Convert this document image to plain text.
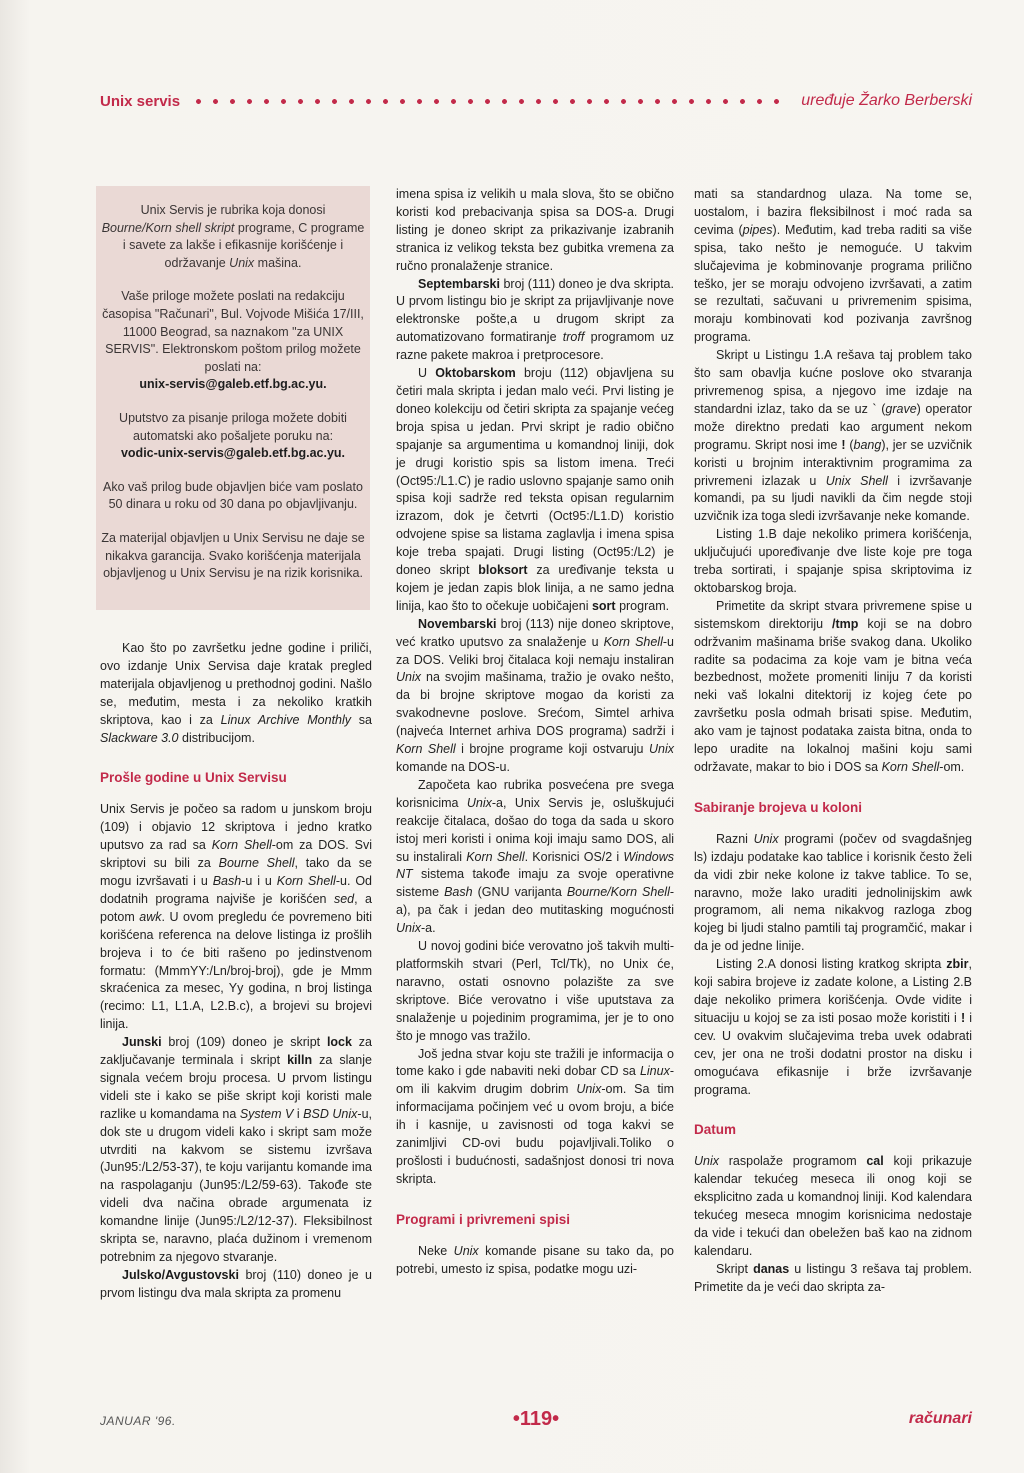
Unix servis	uređuje Žarko Berberski

Unix Servis je rubrika koja donosi

Bourne/Korn shell skript programe, C programe i savete za lakše i efikasnije korišćenje i održavanje Unix mašina.

Vaše priloge možete poslati na redakciju časopisa "Računari", Bul. Vojvode Mišića 17/III, 11000 Beograd, sa naznakom "za UNIX SERVIS". Elektronskom poštom prilog možete poslati na:
unix-servis@galeb.etf.bg.ac.yu.

Uputstvo za pisanje priloga možete dobiti automatski ako pošaljete poruku na:
vodic-unix-servis@galeb.etf.bg.ac.yu.

Ako vaš prilog bude objavljen biće vam poslato 50 dinara u roku od 30 dana po objavljivanju.

Za materijal objavljen u Unix Servisu ne daje se nikakva garancija. Svako korišćenja materijala objavljenog u Unix Servisu je na rizik korisnika.

Kao što po završetku jedne godine i priliči, ovo izdanje Unix Servisa daje kratak pregled materijala objavljenog u prethodnoj godini. Našlo se, međutim, mesta i za nekoliko kratkih skriptova, kao i za Linux Archive Monthly sa Slackware 3.0 distribucijom.

Prošle godine u Unix Servisu

Unix Servis je počeo sa radom u junskom broju (109) i objavio 12 skriptova i jedno kratko uputsvo za rad sa Korn Shell-om za DOS. Svi skriptovi su bili za Bourne Shell, tako da se mogu izvršavati i u Bash-u i u Korn Shell-u. Od dodatnih programa najviše je korišćen sed, a potom awk. U ovom pregledu će povremeno biti korišćena referenca na delove listinga iz prošlih brojeva i to će biti rašeno po jedinstvenom formatu: (MmmYY:/Ln/broj-broj), gde je Mmm skraćenica za mesec, Yy godina, n broj listinga (recimo: L1, L1.A, L2.B.c), a brojevi su brojevi linija.

Junski broj (109) doneo je skript lock za zaključavanje terminala i skript killn za slanje signala većem broju procesa. U prvom listingu videli ste i kako se piše skript koji koristi male razlike u komandama na System V i BSD Unix-u, dok ste u drugom videli kako i skript sam može utvrditi na kakvom se sistemu izvršava (Jun95:/L2/53-37), te koju varijantu komande ima na raspolaganju (Jun95:/L2/59-63). Takođe ste videli dva načina obrade argumenata iz komandne linije (Jun95:/L2/12-37). Fleksibilnost skripta se, naravno, plaća dužinom i vremenom potrebnim za njegovo stvaranje.

Julsko/Avgustovski broj (110) doneo je u prvom listingu dva mala skripta za promenu

imena spisa iz velikih u mala slova, što se obično koristi kod prebacivanja spisa sa DOS-a. Drugi listing je doneo skript za prikazivanje izabranih stranica iz velikog teksta bez gubitka vremena za ručno pronalaženje stranice.

Septembarski broj (111) doneo je dva skripta. U prvom listingu bio je skript za prijavljivanje nove elektronske pošte,a u drugom skript za automatizovano formatiranje troff programom uz razne pakete makroa i pretprocesore.

U Oktobarskom broju (112) objavljena su četiri mala skripta i jedan malo veći. Prvi listing je doneo kolekciju od četiri skripta za spajanje većeg broja spisa u jedan. Prvi skript je radio obično spajanje sa argumentima u komandnoj liniji, dok je drugi koristio spis sa listom imena. Treći (Oct95:/L1.C) je radio uslovno spajanje samo onih spisa koji sadrže red teksta opisan regularnim izrazom, dok je četvrti (Oct95:/L1.D) koristio odvojene spise sa listama zaglavlja i imena spisa koje treba spajati. Drugi listing (Oct95:/L2) je doneo skript bloksort za uređivanje teksta u kojem je jedan zapis blok linija, a ne samo jedna linija, kao što to očekuje uobičajeni sort program.

Novembarski broj (113) nije doneo skriptove, već kratko uputsvo za snalaženje u Korn Shell-u za DOS. Veliki broj čitalaca koji nemaju instaliran Unix na svojim mašinama, tražio je ovako nešto, da bi brojne skriptove mogao da koristi za svakodnevne poslove. Srećom, Simtel arhiva (najveća Internet arhiva DOS programa) sadrži i Korn Shell i brojne programe koji ostvaruju Unix komande na DOS-u.

Započeta kao rubrika posvećena pre svega korisnicima Unix-a, Unix Servis je, osluškujući reakcije čitalaca, došao do toga da sada u skoro istoj meri koristi i onima koji imaju samo DOS, ali su instalirali Korn Shell. Korisnici OS/2 i Windows NT sistema takođe imaju za svoje operativne sisteme Bash (GNU varijanta Bourne/Korn Shell-a), pa čak i jedan deo mutitasking mogućnosti Unix-a.

U novoj godini biće verovatno još takvih multi-platformskih stvari (Perl, Tcl/Tk), no Unix će, naravno, ostati osnovno polazište za sve skriptove. Biće verovatno i više uputstava za snalaženje u pojedinim programima, jer je to ono što je mnogo vas tražilo.

Još jedna stvar koju ste tražili je informacija o tome kako i gde nabaviti neki dobar CD sa Linux-om ili kakvim drugim dobrim Unix-om. Sa tim informacijama počinjem već u ovom broju, a biće ih i kasnije, u zavisnosti od toga kakvi se zanimljivi CD-ovi budu pojavljivali.Toliko o prošlosti i budućnosti, sadašnjost donosi tri nova skripta.

Programi i privremeni spisi

Neke Unix komande pisane su tako da, po potrebi, umesto iz spisa, podatke mogu uzi-

mati sa standardnog ulaza. Na tome se, uostalom, i bazira fleksibilnost i moć rada sa cevima (pipes). Međutim, kad treba raditi sa više spisa, tako nešto je nemoguće. U takvim slučajevima je kobminovanje programa prilično teško, jer se moraju odvojeno izvršavati, a zatim se rezultati, sačuvani u privremenim spisima, moraju kombinovati kod pozivanja završnog programa.

Skript u Listingu 1.A rešava taj problem tako što sam obavlja kućne poslove oko stvaranja privremenog spisa, a njegovo ime izdaje na standardni izlaz, tako da se uz ` (grave) operator može direktno predati kao argument nekom programu. Skript nosi ime ! (bang), jer se uzvičnik koristi u brojnim interaktivnim programima za privremeni izlazak u Unix Shell i izvršavanje komandi, pa su ljudi navikli da čim negde stoji uzvičnik iza toga sledi izvršavanje neke komande.

Listing 1.B daje nekoliko primera korišćenja, uključujući upoređivanje dve liste koje pre toga treba sortirati, i spajanje spisa skriptovima iz oktobarskog broja.

Primetite da skript stvara privremene spise u sistemskom direktoriju /tmp koji se na dobro održvanim mašinama briše svakog dana. Ukoliko radite sa podacima za koje vam je bitna veća bezbednost, možete promeniti liniju 7 da koristi neki vaš lokalni ditektorij iz kojeg ćete po završetku posla odmah brisati spise. Međutim, ako vam je tajnost podataka zaista bitna, onda to lepo uradite na lokalnoj mašini koju sami održavate, makar to bio i DOS sa Korn Shell-om.

Sabiranje brojeva u koloni

Razni Unix programi (počev od svagdašnjeg ls) izdaju podatake kao tablice i korisnik često želi da vidi zbir neke kolone iz takve tablice. To se, naravno, može lako uraditi jednolinijskim awk programom, ali nema nikakvog razloga zbog kojeg bi ljudi stalno pamtili taj programčić, makar i da je od jedne linije.

Listing 2.A donosi listing kratkog skripta zbir, koji sabira brojeve iz zadate kolone, a Listing 2.B daje nekoliko primera korišćenja. Ovde vidite i situaciju u kojoj se za isti posao može koristiti i ! i cev. U ovakvim slučajevima treba uvek odabrati cev, jer ona ne troši dodatni prostor na disku i omogućava efikasnije i brže izvršavanje programa.

Datum

Unix raspolaže programom cal koji prikazuje kalendar tekućeg meseca ili onog koji se eksplicitno zada u komandnoj liniji. Kod kalendara tekućeg meseca mnogim korisnicima nedostaje da vide i tekući dan obeležen baš kao na zidnom kalendaru.

Skript danas u listingu 3 rešava taj problem. Primetite da je veći dao skripta za-

JANUAR '96.	•119•	računari
